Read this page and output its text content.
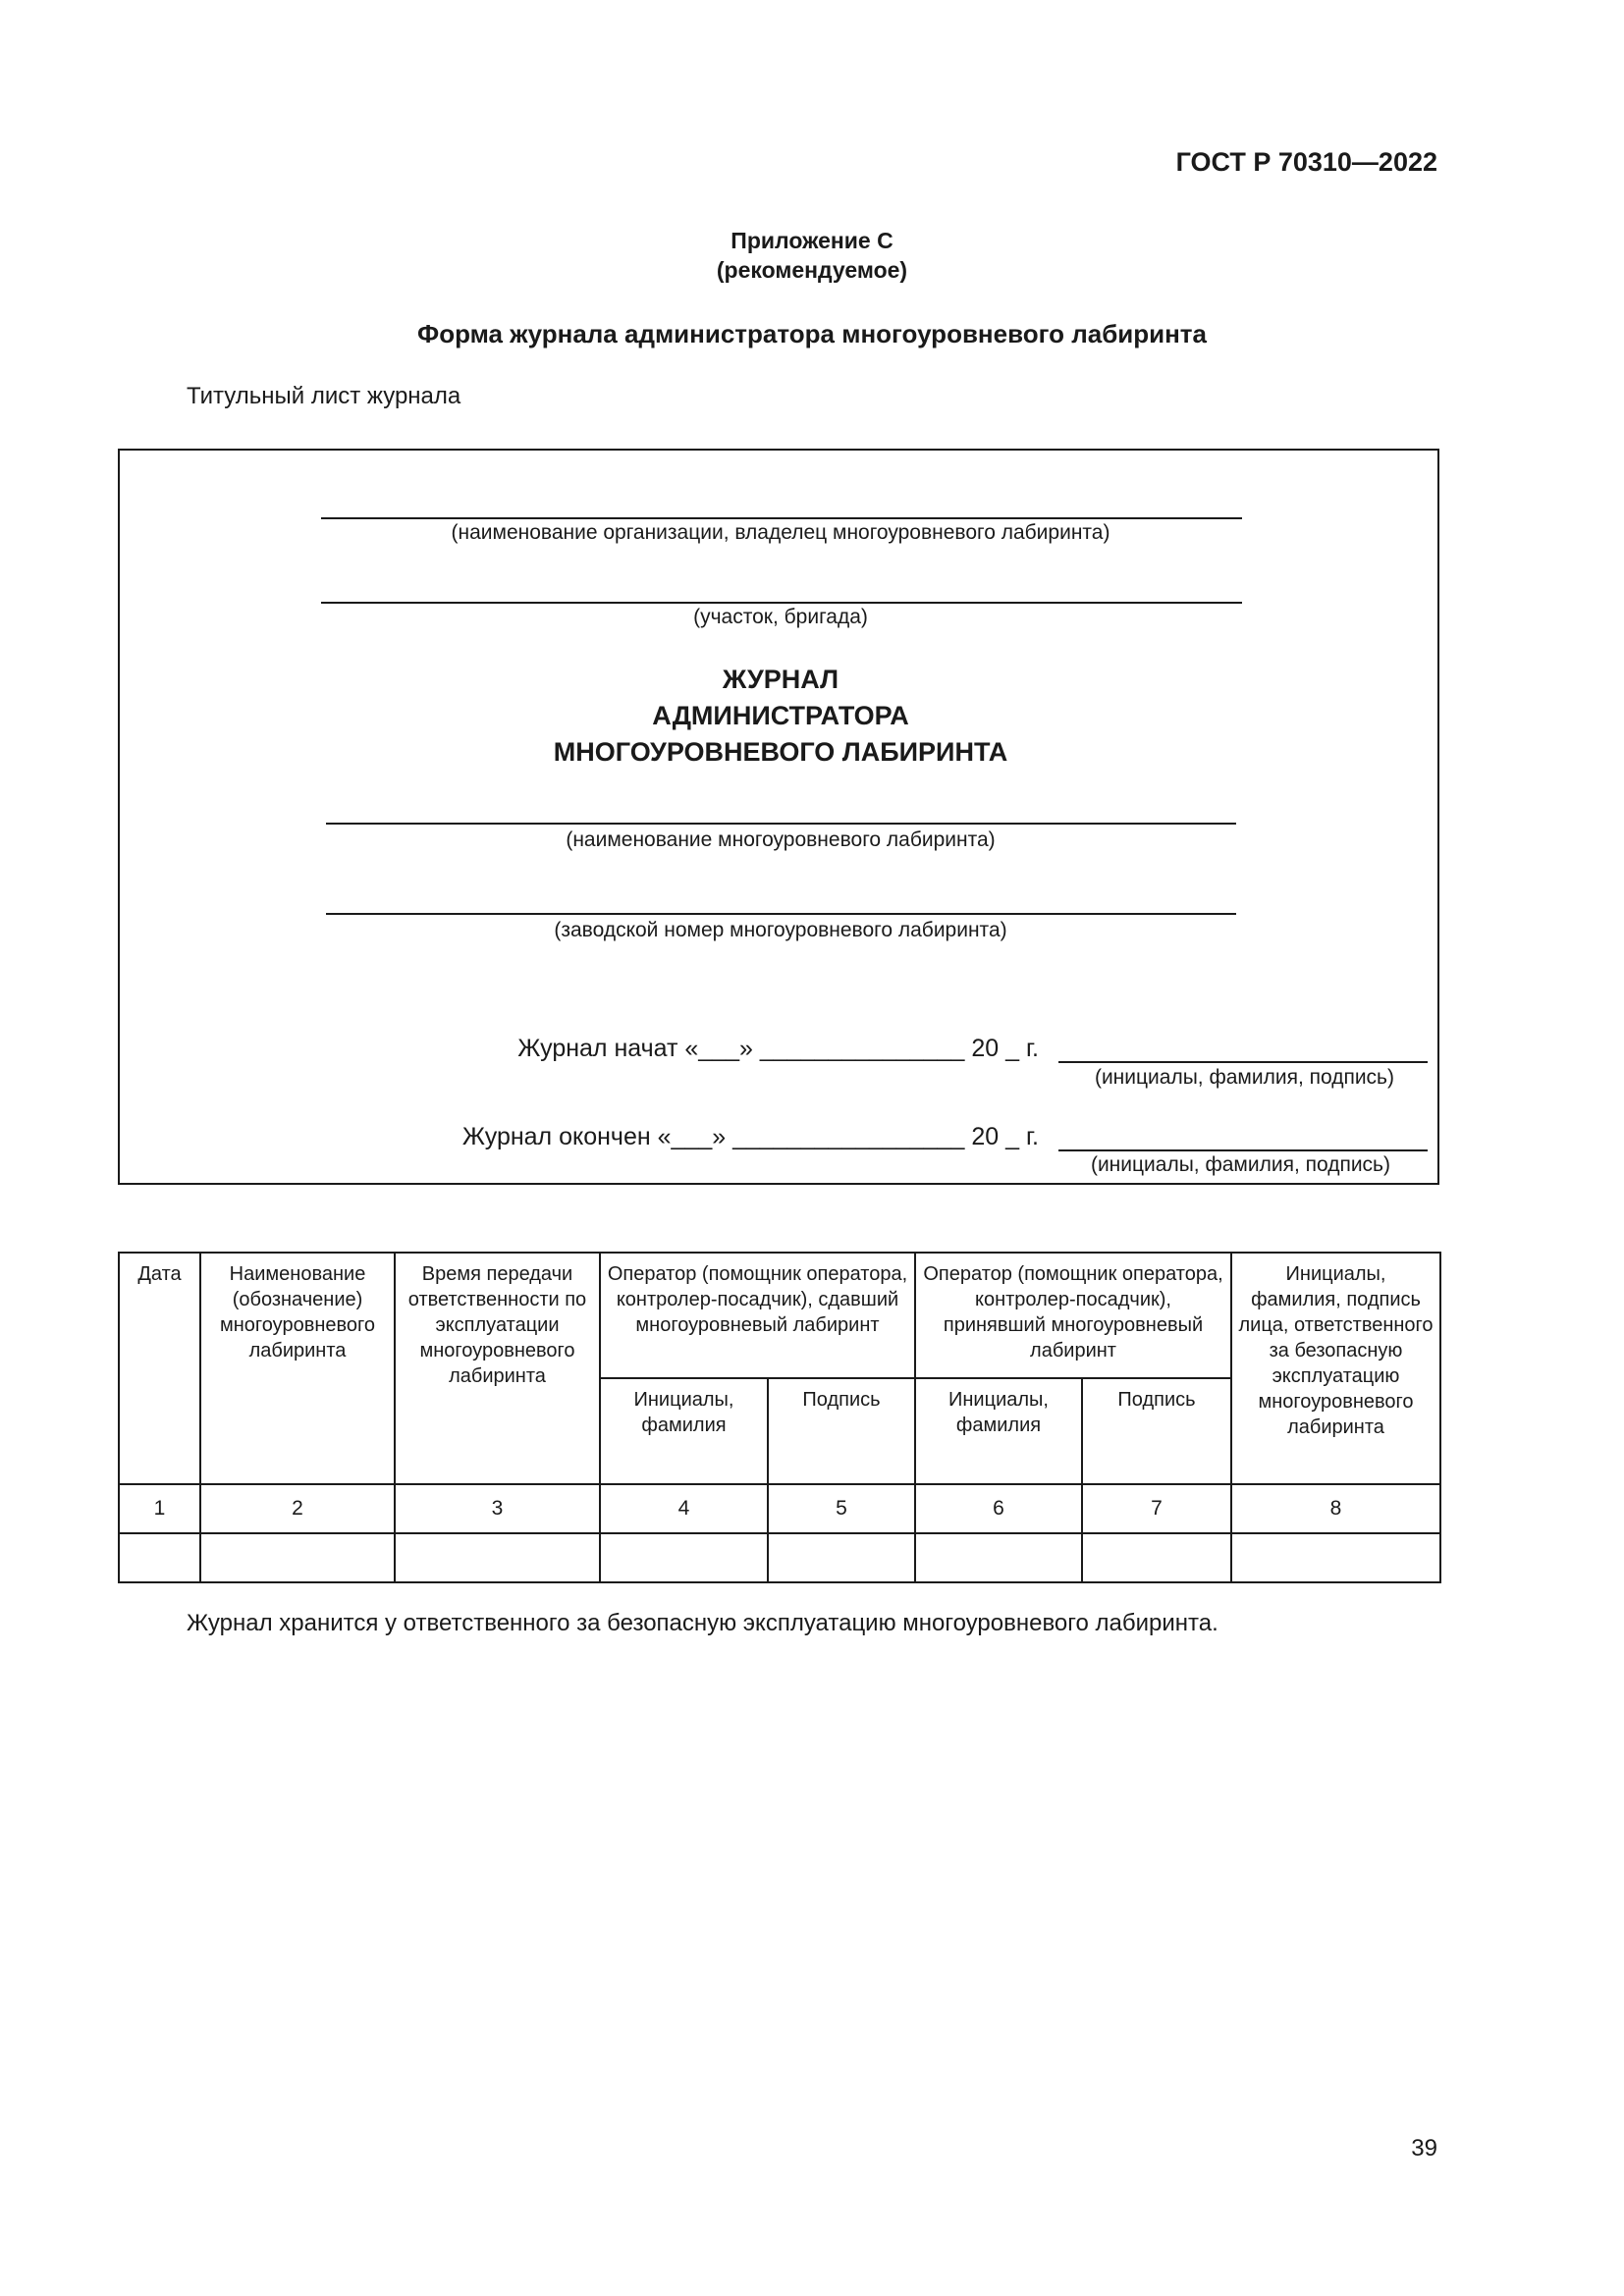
ГОСТ Р 70310—2022
Приложение С
(рекомендуемое)
Форма журнала администратора многоуровневого лабиринта
Титульный лист журнала
(наименование организации, владелец многоуровневого лабиринта)
(участок, бригада)
ЖУРНАЛ
АДМИНИСТРАТОРА
МНОГОУРОВНЕВОГО ЛАБИРИНТА
(наименование многоуровневого лабиринта)
(заводской номер многоуровневого лабиринта)
Журнал начат «___» _______________ 20 _ г.
(инициалы, фамилия, подпись)
Журнал окончен «___» _________________ 20 _ г.
(инициалы, фамилия, подпись)
Дата	Наименование (обозначение) многоуровневого лабиринта	Время передачи ответственности по эксплуатации многоуровневого лабиринта	Оператор (помощник оператора, контролер-посадчик), сдавший многоуровневый лабиринт		Оператор (помощник оператора, контролер-посадчик), принявший многоуровневый лабиринт		Инициалы, фамилия, подпись лица, ответственного за безопасную эксплуатацию многоуровневого лабиринта
			Инициалы, фамилия	Подпись	Инициалы, фамилия	Подпись	
1	2	3	4	5	6	7	8

Журнал хранится у ответственного за безопасную эксплуатацию многоуровневого лабиринта.
39
